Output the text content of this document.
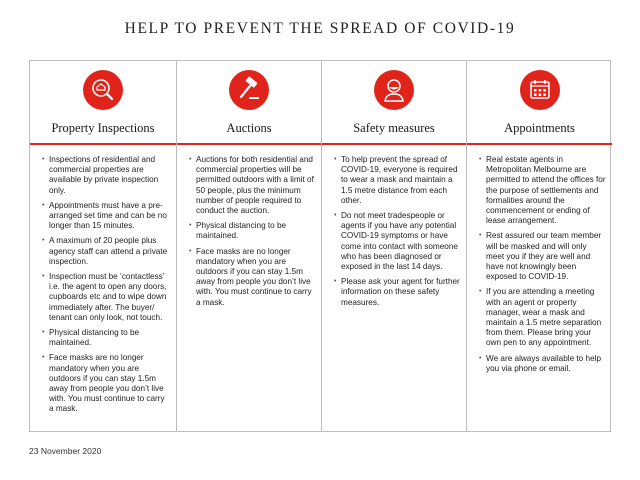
HELP TO PREVENT THE SPREAD OF COVID-19
Property Inspections
• Inspections of residential and commercial properties are available by private inspection only.
• Appointments must have a pre-arranged set time and can be no longer than 15 minutes.
• A maximum of 20 people plus agency staff can attend a private inspection.
• Inspection must be ‘contactless’ i.e. the agent to open any doors, cupboards etc and to wipe down immediately after. The buyer/ tenant can only look, not touch.
• Physical distancing to be maintained.
• Face masks are no longer mandatory when you are outdoors if you can stay 1.5m away from people you don’t live with. You must continue to carry a mask.
Auctions
• Auctions for both residential and commercial properties will be permitted outdoors with a limit of 50 people, plus the minimum number of people required to conduct the auction.
• Physical distancing to be maintained.
• Face masks are no longer mandatory when you are outdoors if you can stay 1.5m away from people you don’t live with. You must continue to carry a mask.
Safety measures
• To help prevent the spread of COVID-19, everyone is required to wear a mask and maintain a 1.5 metre distance from each other.
• Do not meet tradespeople or agents if you have any potential COVID-19 symptoms or have come into contact with someone who has been diagnosed or exposed in the last 14 days.
• Please ask your agent for further information on these safety measures.
Appointments
• Real estate agents in Metropolitan Melbourne are permitted to attend the offices for the purpose of settlements and formalities around the commencement or ending of lease arrangement.
• Rest assured our team member will be masked and will only meet you if they are well and have not knowingly been exposed to COVID-19.
• If you are attending a meeting with an agent or property manager, wear a mask and maintain a 1.5 metre separation from them. Please bring your own pen to any appointment.
• We are always available to help you via phone or email.
23 November 2020
